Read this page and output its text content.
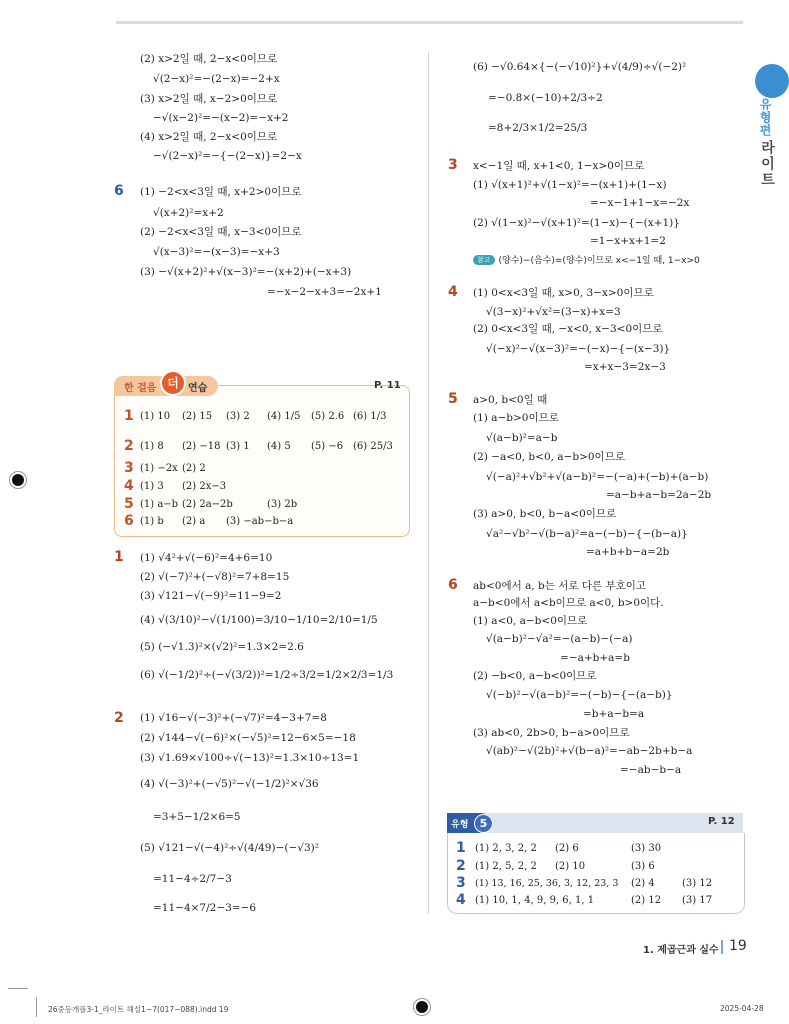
유형편
라이트
(2) x>2일 때, 2−x<0이므로
√(2−x)²=−(2−x)=−2+x
(3) x>2일 때, x−2>0이므로
−√(x−2)²=−(x−2)=−x+2
(4) x>2일 때, 2−x<0이므로
−√(2−x)²=−{−(2−x)}=2−x
6 (1) −2<x<3일 때, x+2>0이므로
√(x+2)²=x+2
(2) −2<x<3일 때, x−3<0이므로
√(x−3)²=−(x−3)=−x+3
(3) −√(x+2)²+√(x−3)²=−(x+2)+(−x+3)
=−x−2−x+3=−2x+1
한 걸음 더 연습	P. 11
1 (1) 10 (2) 15 (3) 2 (4) 1/5 (5) 2.6 (6) 1/3
2 (1) 8 (2) −18 (3) 1 (4) 5 (5) −6 (6) 25/3
3 (1) −2x (2) 2
4 (1) 3 (2) 2x−3
5 (1) a−b (2) 2a−2b	(3) 2b
6 (1) b (2) a (3) −ab−b−a
1 (1) √4²+√(−6)²=4+6=10
(2) √(−7)²+(−√8)²=7+8=15
(3) √121−√(−9)²=11−9=2
(4) √(3/10)²−√(1/100)=3/10−1/10=2/10=1/5
(5) (−√1.3)²×(√2)²=1.3×2=2.6
(6) √(−1/2)²÷(−√(3/2))²=1/2÷3/2=1/2×2/3=1/3
2 (1) √16−√(−3)²+(−√7)²=4−3+7=8
(2) √144−√(−6)²×(−√5)²=12−6×5=−18
(3) √1.69×√100÷√(−13)²=1.3×10÷13=1
(4) √(−3)²+(−√5)²−√(−1/2)²×√36
=3+5−1/2×6=5
(5) √121−√(−4)²÷√(4/49)−(−√3)²
=11−4÷2/7−3
=11−4×7/2−3=−6
(6) −√0.64×{−(−√10)²}+√(4/9)÷√(−2)²
=−0.8×(−10)+2/3÷2
=8+2/3×1/2=25/3
3 x<−1일 때, x+1<0, 1−x>0이므로
(1) √(x+1)²+√(1−x)²=−(x+1)+(1−x)
=−x−1+1−x=−2x
(2) √(1−x)²−√(x+1)²=(1−x)−{−(x+1)}
=1−x+x+1=2
참고 (양수)−(음수)=(양수)이므로 x<−1일 때, 1−x>0
4 (1) 0<x<3일 때, x>0, 3−x>0이므로
√(3−x)²+√x²=(3−x)+x=3
(2) 0<x<3일 때, −x<0, x−3<0이므로
√(−x)²−√(x−3)²=−(−x)−{−(x−3)}
=x+x−3=2x−3
5 a>0, b<0일 때
(1) a−b>0이므로
√(a−b)²=a−b
(2) −a<0, b<0, a−b>0이므로
√(−a)²+√b²+√(a−b)²=−(−a)+(−b)+(a−b)
=a−b+a−b=2a−2b
(3) a>0, b<0, b−a<0이므로
√a²−√b²−√(b−a)²=a−(−b)−{−(b−a)}
=a+b+b−a=2b
6 ab<0에서 a, b는 서로 다른 부호이고
a−b<0에서 a<b이므로 a<0, b>0이다.
(1) a<0, a−b<0이므로
√(a−b)²−√a²=−(a−b)−(−a)
=−a+b+a=b
(2) −b<0, a−b<0이므로
√(−b)²−√(a−b)²=−(−b)−{−(a−b)}
=b+a−b=a
(3) ab<0, 2b>0, b−a>0이므로
√(ab)²−√(2b)²+√(b−a)²=−ab−2b+b−a
=−ab−b−a
유형	5	P. 12
1 (1) 2, 3, 2, 2 (2) 6	(3) 30
2 (1) 2, 5, 2, 2 (2) 10	(3) 6
3 (1) 13, 16, 25, 36, 3, 12, 23, 3 (2) 4	(3) 12
4 (1) 10, 1, 4, 9, 9, 6, 1, 1	(2) 12 (3) 17
1. 제곱근과 실수 19
26중등개플3-1_라이트 해설1~7(017~088).indd 19	2025-04-28
